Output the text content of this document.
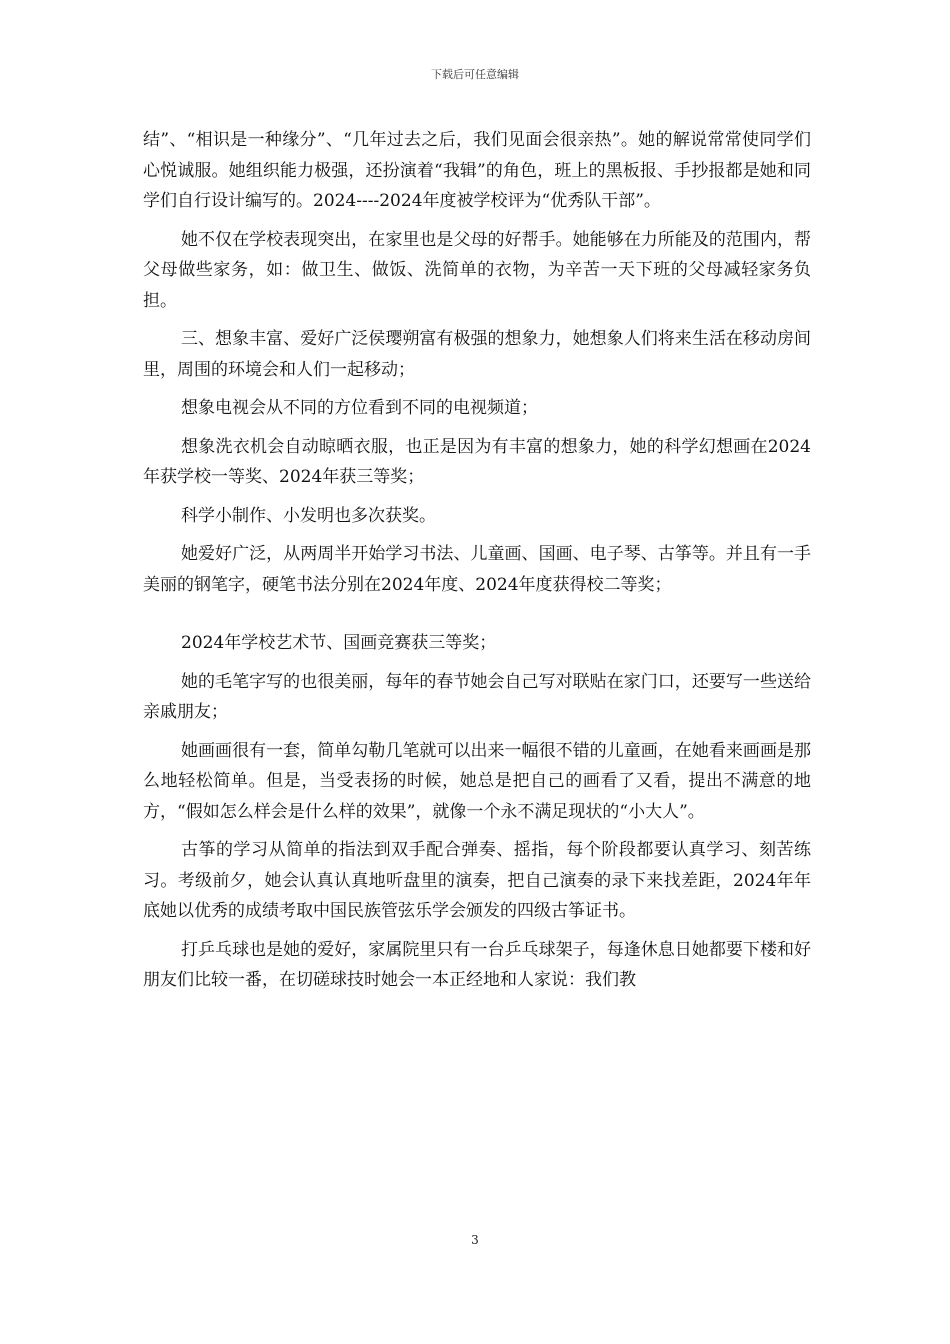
下载后可任意编辑

结”、“相识是一种缘分”、“几年过去之后，我们见面会很亲热”。她的解说常常使同学们心悦诚服。她组织能力极强，还扮演着“我辑”的角色，班上的黑板报、手抄报都是她和同学们自行设计编写的。2024----2024年度被学校评为“优秀队干部”。

她不仅在学校表现突出，在家里也是父母的好帮手。她能够在力所能及的范围内，帮父母做些家务，如：做卫生、做饭、洗简单的衣物，为辛苦一天下班的父母减轻家务负担。

三、想象丰富、爱好广泛侯璎朔富有极强的想象力，她想象人们将来生活在移动房间里，周围的环境会和人们一起移动；

想象电视会从不同的方位看到不同的电视频道；

想象洗衣机会自动晾晒衣服，也正是因为有丰富的想象力，她的科学幻想画在2024年获学校一等奖、2024年获三等奖；

科学小制作、小发明也多次获奖。

她爱好广泛，从两周半开始学习书法、儿童画、国画、电子琴、古筝等。并且有一手美丽的钢笔字，硬笔书法分别在2024年度、2024年度获得校二等奖；

2024年学校艺术节、国画竞赛获三等奖；

她的毛笔字写的也很美丽，每年的春节她会自己写对联贴在家门口，还要写一些送给亲戚朋友；

她画画很有一套，简单勾勒几笔就可以出来一幅很不错的儿童画，在她看来画画是那么地轻松简单。但是，当受表扬的时候，她总是把自己的画看了又看，提出不满意的地方，“假如怎么样会是什么样的效果”，就像一个永不满足现状的“小大人”。

古筝的学习从简单的指法到双手配合弹奏、摇指，每个阶段都要认真学习、刻苦练习。考级前夕，她会认真认真地听盘里的演奏，把自己演奏的录下来找差距，2024年年底她以优秀的成绩考取中国民族管弦乐学会颁发的四级古筝证书。

打乒乓球也是她的爱好，家属院里只有一台乒乓球架子，每逢休息日她都要下楼和好朋友们比较一番，在切磋球技时她会一本正经地和人家说：我们教

3
